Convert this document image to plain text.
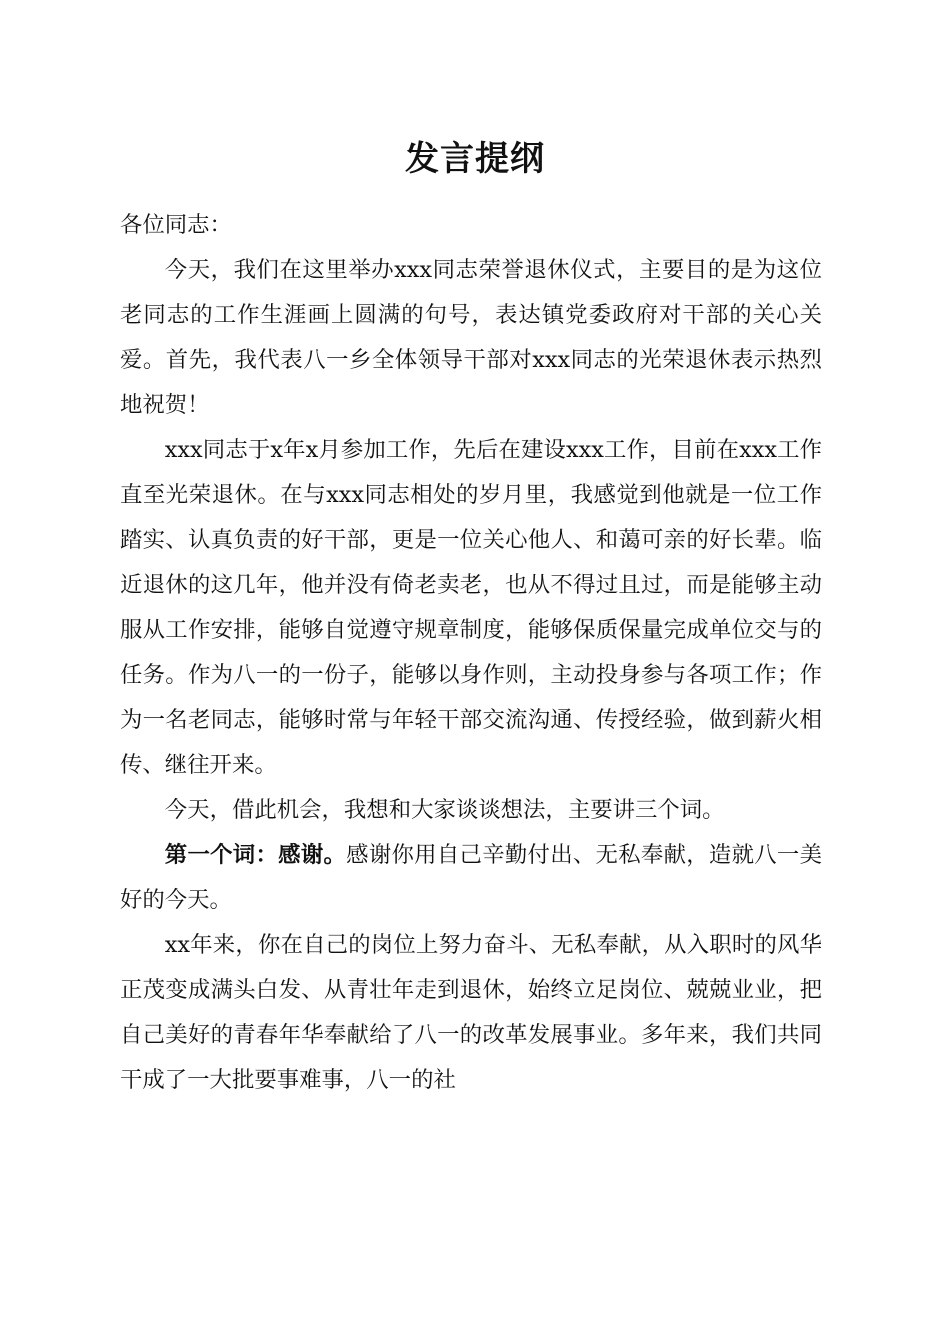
发言提纲

各位同志：

今天，我们在这里举办xxx同志荣誉退休仪式，主要目的是为这位老同志的工作生涯画上圆满的句号，表达镇党委政府对干部的关心关爱。首先，我代表八一乡全体领导干部对xxx同志的光荣退休表示热烈地祝贺！

xxx同志于x年x月参加工作，先后在建设xxx工作，目前在xxx工作直至光荣退休。在与xxx同志相处的岁月里，我感觉到他就是一位工作踏实、认真负责的好干部，更是一位关心他人、和蔼可亲的好长辈。临近退休的这几年，他并没有倚老卖老，也从不得过且过，而是能够主动服从工作安排，能够自觉遵守规章制度，能够保质保量完成单位交与的任务。作为八一的一份子，能够以身作则，主动投身参与各项工作；作为一名老同志，能够时常与年轻干部交流沟通、传授经验，做到薪火相传、继往开来。

今天，借此机会，我想和大家谈谈想法，主要讲三个词。

第一个词：感谢。感谢你用自己辛勤付出、无私奉献，造就八一美好的今天。

xx年来，你在自己的岗位上努力奋斗、无私奉献，从入职时的风华正茂变成满头白发、从青壮年走到退休，始终立足岗位、兢兢业业，把自己美好的青春年华奉献给了八一的改革发展事业。多年来，我们共同干成了一大批要事难事，八一的社
